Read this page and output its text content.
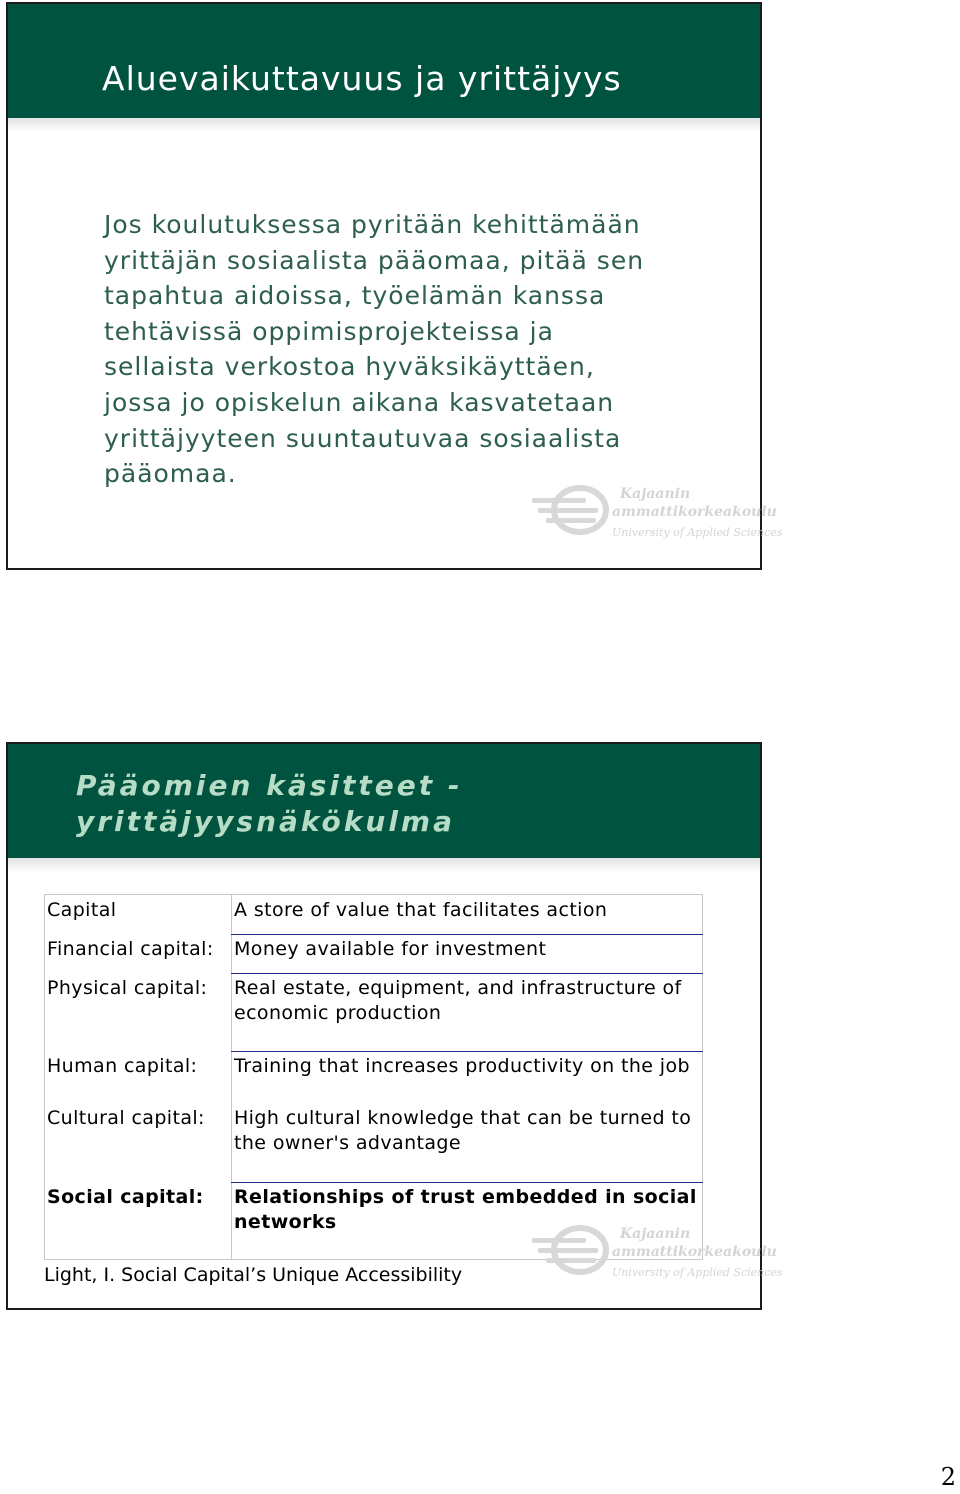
Aluevaikuttavuus ja yrittäjyys
Jos koulutuksessa pyritään kehittämään
yrittäjän sosiaalista pääomaa, pitää sen
tapahtua aidoissa, työelämän kanssa
tehtävissä oppimisprojekteissa ja
sellaista verkostoa hyväksikäyttäen,
jossa jo opiskelun aikana kasvatetaan
yrittäjyyteen suuntautuvaa sosiaalista
pääomaa.
Kajaanin
ammattikorkeakoulu
University of Applied Sciences
Pääomien käsitteet -
yrittäjyysnäkökulma
Capital	A store of value that facilitates action
Financial capital:	Money available for investment
Physical capital:	Real estate, equipment, and infrastructure of economic production
Human capital:	Training that increases productivity on the job
Cultural capital:	High cultural knowledge that can be turned to the owner's advantage
Social capital:	Relationships of trust embedded in social networks
Light, I. Social Capital’s Unique Accessibility
Kajaanin
ammattikorkeakoulu
University of Applied Sciences
2
